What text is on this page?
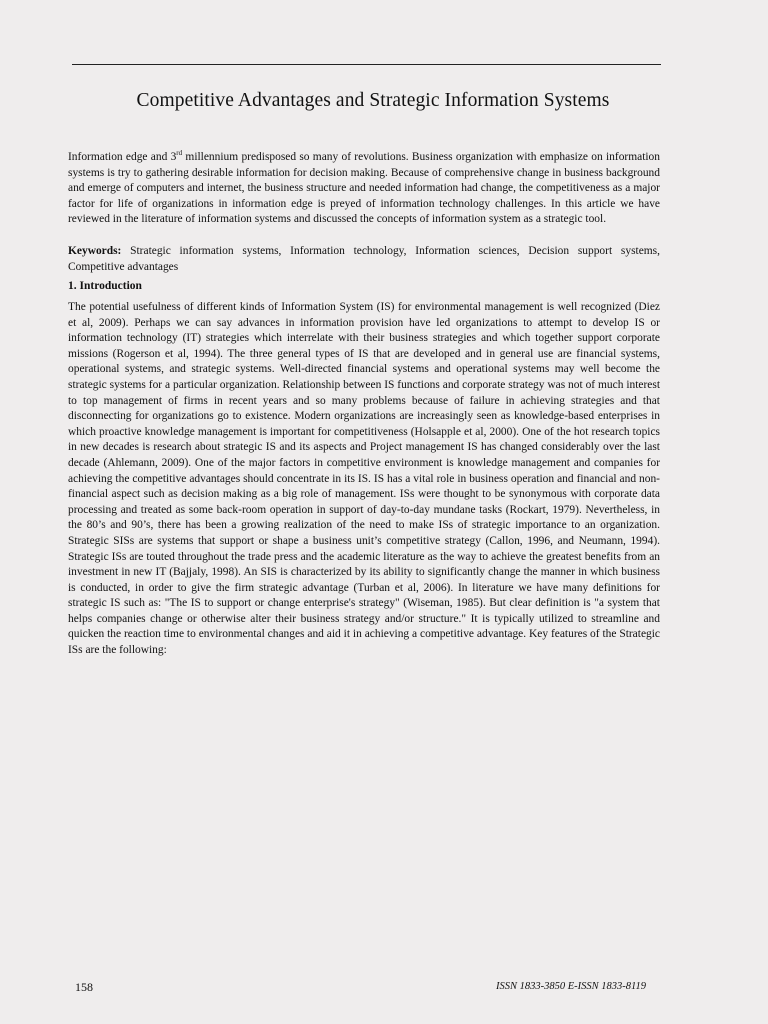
Competitive Advantages and Strategic Information Systems

Information edge and 3rd millennium predisposed so many of revolutions. Business organization with emphasize on information systems is try to gathering desirable information for decision making. Because of comprehensive change in business background and emerge of computers and internet, the business structure and needed information had change, the competitiveness as a major factor for life of organizations in information edge is preyed of information technology challenges. In this article we have reviewed in the literature of information systems and discussed the concepts of information system as a strategic tool.

Keywords: Strategic information systems, Information technology, Information sciences, Decision support systems, Competitive advantages

1. Introduction

The potential usefulness of different kinds of Information System (IS) for environmental management is well recognized (Diez et al, 2009). Perhaps we can say advances in information provision have led organizations to attempt to develop IS or information technology (IT) strategies which interrelate with their business strategies and which together support corporate missions (Rogerson et al, 1994). The three general types of IS that are developed and in general use are financial systems, operational systems, and strategic systems. Well-directed financial systems and operational systems may well become the strategic systems for a particular organization. Relationship between IS functions and corporate strategy was not of much interest to top management of firms in recent years and so many problems because of failure in achieving strategies and that disconnecting for organizations go to existence. Modern organizations are increasingly seen as knowledge-based enterprises in which proactive knowledge management is important for competitiveness (Holsapple et al, 2000). One of the hot research topics in new decades is research about strategic IS and its aspects and Project management IS has changed considerably over the last decade (Ahlemann, 2009). One of the major factors in competitive environment is knowledge management and companies for achieving the competitive advantages should concentrate in its IS. IS has a vital role in business operation and financial and non-financial aspect such as decision making as a big role of management. ISs were thought to be synonymous with corporate data processing and treated as some back-room operation in support of day-to-day mundane tasks (Rockart, 1979). Nevertheless, in the 80’s and 90’s, there has been a growing realization of the need to make ISs of strategic importance to an organization. Strategic SISs are systems that support or shape a business unit’s competitive strategy (Callon, 1996, and Neumann, 1994). Strategic ISs are touted throughout the trade press and the academic literature as the way to achieve the greatest benefits from an investment in new IT (Bajjaly, 1998). An SIS is characterized by its ability to significantly change the manner in which business is conducted, in order to give the firm strategic advantage (Turban et al, 2006). In literature we have many definitions for strategic IS such as: "The IS to support or change enterprise's strategy" (Wiseman, 1985). But clear definition is "a system that helps companies change or otherwise alter their business strategy and/or structure." It is typically utilized to streamline and quicken the reaction time to environmental changes and aid it in achieving a competitive advantage. Key features of the Strategic ISs are the following:

158	ISSN 1833-3850 E-ISSN 1833-8119
